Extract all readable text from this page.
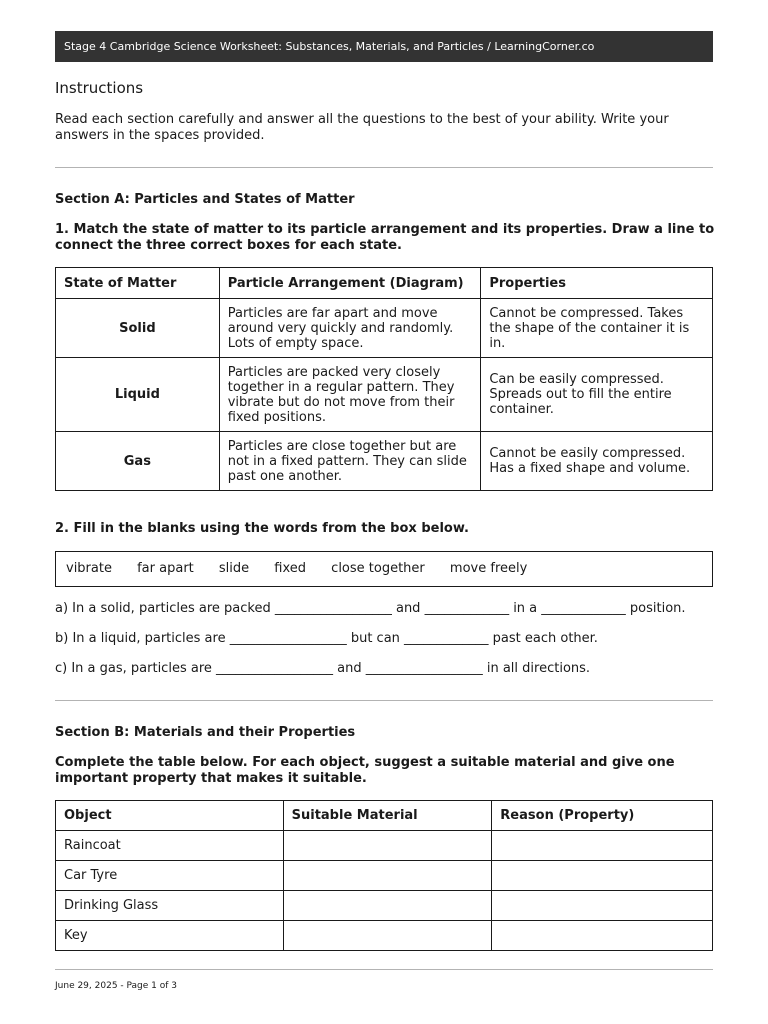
Stage 4 Cambridge Science Worksheet: Substances, Materials, and Particles / LearningCorner.co
Instructions
Read each section carefully and answer all the questions to the best of your ability. Write your answers in the spaces provided.
Section A: Particles and States of Matter
1. Match the state of matter to its particle arrangement and its properties. Draw a line to connect the three correct boxes for each state.
State of Matter	Particle Arrangement (Diagram)	Properties
Solid	Particles are far apart and move around very quickly and randomly. Lots of empty space.	Cannot be compressed. Takes the shape of the container it is in.
Liquid	Particles are packed very closely together in a regular pattern. They vibrate but do not move from their fixed positions.	Can be easily compressed. Spreads out to fill the entire container.
Gas	Particles are close together but are not in a fixed pattern. They can slide past one another.	Cannot be easily compressed. Has a fixed shape and volume.
2. Fill in the blanks using the words from the box below.
vibrate far apart slide fixed close together move freely
a) In a solid, particles are packed __________________ and _____________ in a _____________ position.
b) In a liquid, particles are __________________ but can _____________ past each other.
c) In a gas, particles are __________________ and __________________ in all directions.
Section B: Materials and their Properties
Complete the table below. For each object, suggest a suitable material and give one important property that makes it suitable.
Object	Suitable Material	Reason (Property)
Raincoat		
Car Tyre		
Drinking Glass		
Key		
June 29, 2025 - Page 1 of 3
